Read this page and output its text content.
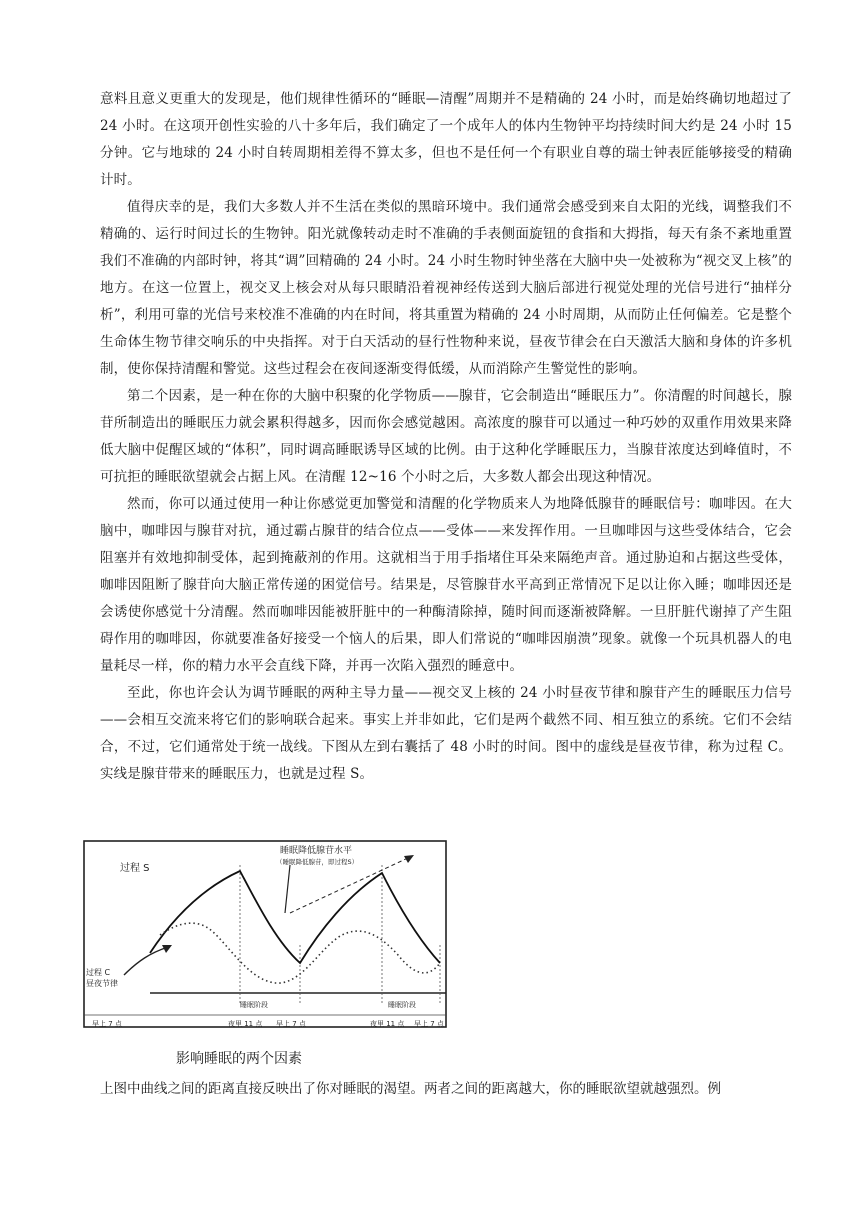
意料且意义更重大的发现是，他们规律性循环的“睡眠—清醒”周期并不是精确的 24 小时，而是始终确切地超过了 24 小时。在这项开创性实验的八十多年后，我们确定了一个成年人的体内生物钟平均持续时间大约是 24 小时 15 分钟。它与地球的 24 小时自转周期相差得不算太多，但也不是任何一个有职业自尊的瑞士钟表匠能够接受的精确计时。

值得庆幸的是，我们大多数人并不生活在类似的黑暗环境中。我们通常会感受到来自太阳的光线，调整我们不精确的、运行时间过长的生物钟。阳光就像转动走时不准确的手表侧面旋钮的食指和大拇指，每天有条不紊地重置我们不准确的内部时钟，将其“调”回精确的 24 小时。24 小时生物时钟坐落在大脑中央一处被称为“视交叉上核”的地方。在这一位置上，视交叉上核会对从每只眼睛沿着视神经传送到大脑后部进行视觉处理的光信号进行“抽样分析”，利用可靠的光信号来校准不准确的内在时间，将其重置为精确的 24 小时周期，从而防止任何偏差。它是整个生命体生物节律交响乐的中央指挥。对于白天活动的昼行性物种来说，昼夜节律会在白天激活大脑和身体的许多机制，使你保持清醒和警觉。这些过程会在夜间逐渐变得低缓，从而消除产生警觉性的影响。

第二个因素，是一种在你的大脑中积聚的化学物质——腺苷，它会制造出“睡眠压力”。你清醒的时间越长，腺苷所制造出的睡眠压力就会累积得越多，因而你会感觉越困。高浓度的腺苷可以通过一种巧妙的双重作用效果来降低大脑中促醒区域的“体积”，同时调高睡眠诱导区域的比例。由于这种化学睡眠压力，当腺苷浓度达到峰值时，不可抗拒的睡眠欲望就会占据上风。在清醒 12~16 个小时之后，大多数人都会出现这种情况。

然而，你可以通过使用一种让你感觉更加警觉和清醒的化学物质来人为地降低腺苷的睡眠信号：咖啡因。在大脑中，咖啡因与腺苷对抗，通过霸占腺苷的结合位点——受体——来发挥作用。一旦咖啡因与这些受体结合，它会阻塞并有效地抑制受体，起到掩蔽剂的作用。这就相当于用手指堵住耳朵来隔绝声音。通过胁迫和占据这些受体，咖啡因阻断了腺苷向大脑正常传递的困觉信号。结果是，尽管腺苷水平高到正常情况下足以让你入睡；咖啡因还是会诱使你感觉十分清醒。然而咖啡因能被肝脏中的一种酶清除掉，随时间而逐渐被降解。一旦肝脏代谢掉了产生阻碍作用的咖啡因，你就要准备好接受一个恼人的后果，即人们常说的“咖啡因崩溃”现象。就像一个玩具机器人的电量耗尽一样，你的精力水平会直线下降，并再一次陷入强烈的睡意中。

至此，你也许会认为调节睡眠的两种主导力量——视交叉上核的 24 小时昼夜节律和腺苷产生的睡眠压力信号——会相互交流来将它们的影响联合起来。事实上并非如此，它们是两个截然不同、相互独立的系统。它们不会结合，不过，它们通常处于统一战线。下图从左到右囊括了 48 小时的时间。图中的虚线是昼夜节律，称为过程 C。实线是腺苷带来的睡眠压力，也就是过程 S。

过程 S
睡眠降低腺苷水平
（睡眠降低腺苷，即过程S）
过程 C
昼夜节律
睡眠阶段	睡眠阶段
早上 7 点	夜里 11 点 早上 7 点	夜里 11 点 早上 7 点
影响睡眠的两个因素
上图中曲线之间的距离直接反映出了你对睡眠的渴望。两者之间的距离越大，你的睡眠欲望就越强烈。例
